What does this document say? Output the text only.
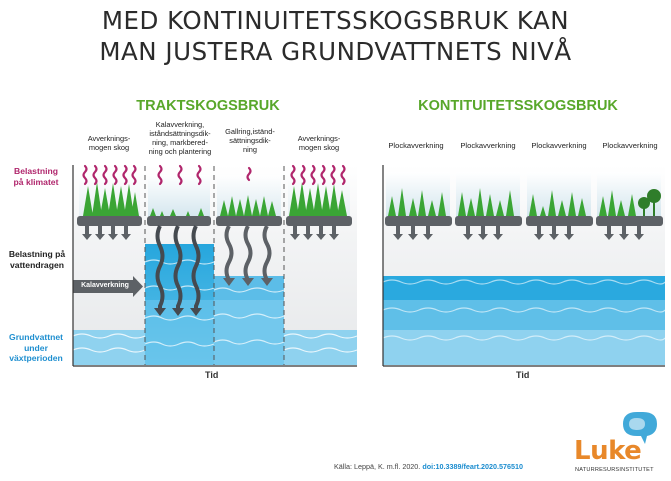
MED KONTINUITETSSKOGSBRUK KAN
MAN JUSTERA GRUNDVATTNETS NIVÅ
TRAKTSKOGSBRUK	KONTITUITETSSKOGSBRUK
Avverknings-
mogen skog
Kalavverkning,
iståndsättningsdik-
ning, markbered-
ning och plantering
Gallring,iständ-
sättningsdik-
ning
Avverknings-
mogen skog	Plockavverkning	Plockavverkning	Plockavverkning	Plockavverkning
Belastning
på klimatet
Belastning på
vattendragen
Grundvattnet
under
växtperioden
Kalavverkning
Tid	Tid
Källa: Leppä, K. m.fl. 2020. doi:10.3389/feart.2020.576510
Luke
NATURRESURSINSTITUTET
